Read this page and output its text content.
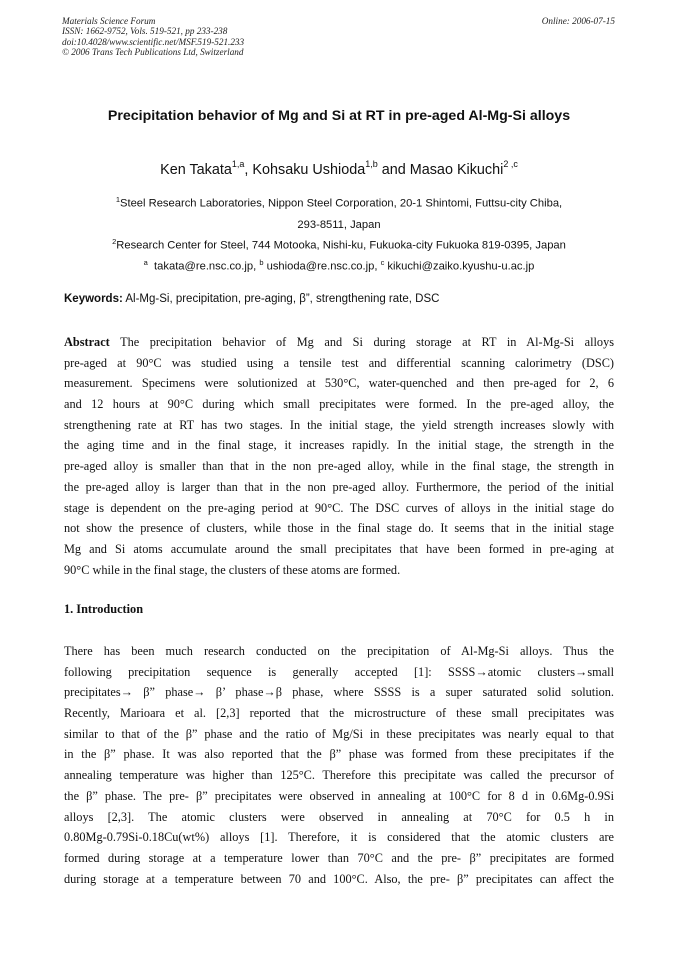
Materials Science Forum
ISSN: 1662-9752, Vols. 519-521, pp 233-238
doi:10.4028/www.scientific.net/MSF.519-521.233
© 2006 Trans Tech Publications Ltd, Switzerland
Online: 2006-07-15
Precipitation behavior of Mg and Si at RT in pre-aged Al-Mg-Si alloys
Ken Takata$^{1,a}$, Kohsaku Ushioda$^{1,b}$ and Masao Kikuchi$^{2 ,c}$
$^1$Steel Research Laboratories, Nippon Steel Corporation, 20-1 Shintomi, Futtsu-city Chiba,
293-8511, Japan
$^2$Research Center for Steel, 744 Motooka, Nishi-ku, Fukuoka-city Fukuoka 819-0395, Japan
$^a$ takata@re.nsc.co.jp, $^b$ ushioda@re.nsc.co.jp, $^c$ kikuchi@zaiko.kyushu-u.ac.jp
Keywords: Al-Mg-Si, precipitation, pre-aging, β”, strengthening rate, DSC
Abstract The precipitation behavior of Mg and Si during storage at RT in Al-Mg-Si alloys
pre-aged at 90°C was studied using a tensile test and differential scanning calorimetry (DSC)
measurement. Specimens were solutionized at 530°C, water-quenched and then pre-aged for 2, 6
and 12 hours at 90°C during which small precipitates were formed. In the pre-aged alloy, the
strengthening rate at RT has two stages. In the initial stage, the yield strength increases slowly with
the aging time and in the final stage, it increases rapidly. In the initial stage, the strength in the
pre-aged alloy is smaller than that in the non pre-aged alloy, while in the final stage, the strength in
the pre-aged alloy is larger than that in the non pre-aged alloy. Furthermore, the period of the initial
stage is dependent on the pre-aging period at 90°C. The DSC curves of alloys in the initial stage do
not show the presence of clusters, while those in the final stage do. It seems that in the initial stage
Mg and Si atoms accumulate around the small precipitates that have been formed in pre-aging at
90°C while in the final stage, the clusters of these atoms are formed.
1. Introduction
There has been much research conducted on the precipitation of Al-Mg-Si alloys. Thus the
following precipitation sequence is generally accepted [1]: SSSS→atomic clusters→small
precipitates→ β” phase→ β’ phase→β phase, where SSSS is a super saturated solid solution.
Recently, Marioara et al. [2,3] reported that the microstructure of these small precipitates was
similar to that of the β” phase and the ratio of Mg/Si in these precipitates was nearly equal to that
in the β” phase. It was also reported that the β” phase was formed from these precipitates if the
annealing temperature was higher than 125°C. Therefore this precipitate was called the precursor of
the β” phase. The pre- β” precipitates were observed in annealing at 100°C for 8 d in 0.6Mg-0.9Si
alloys [2,3]. The atomic clusters were observed in annealing at 70°C for 0.5 h in
0.80Mg-0.79Si-0.18Cu(wt%) alloys [1]. Therefore, it is considered that the atomic clusters are
formed during storage at a temperature lower than 70°C and the pre- β” precipitates are formed
during storage at a temperature between 70 and 100°C. Also, the pre- β” precipitates can affect the
